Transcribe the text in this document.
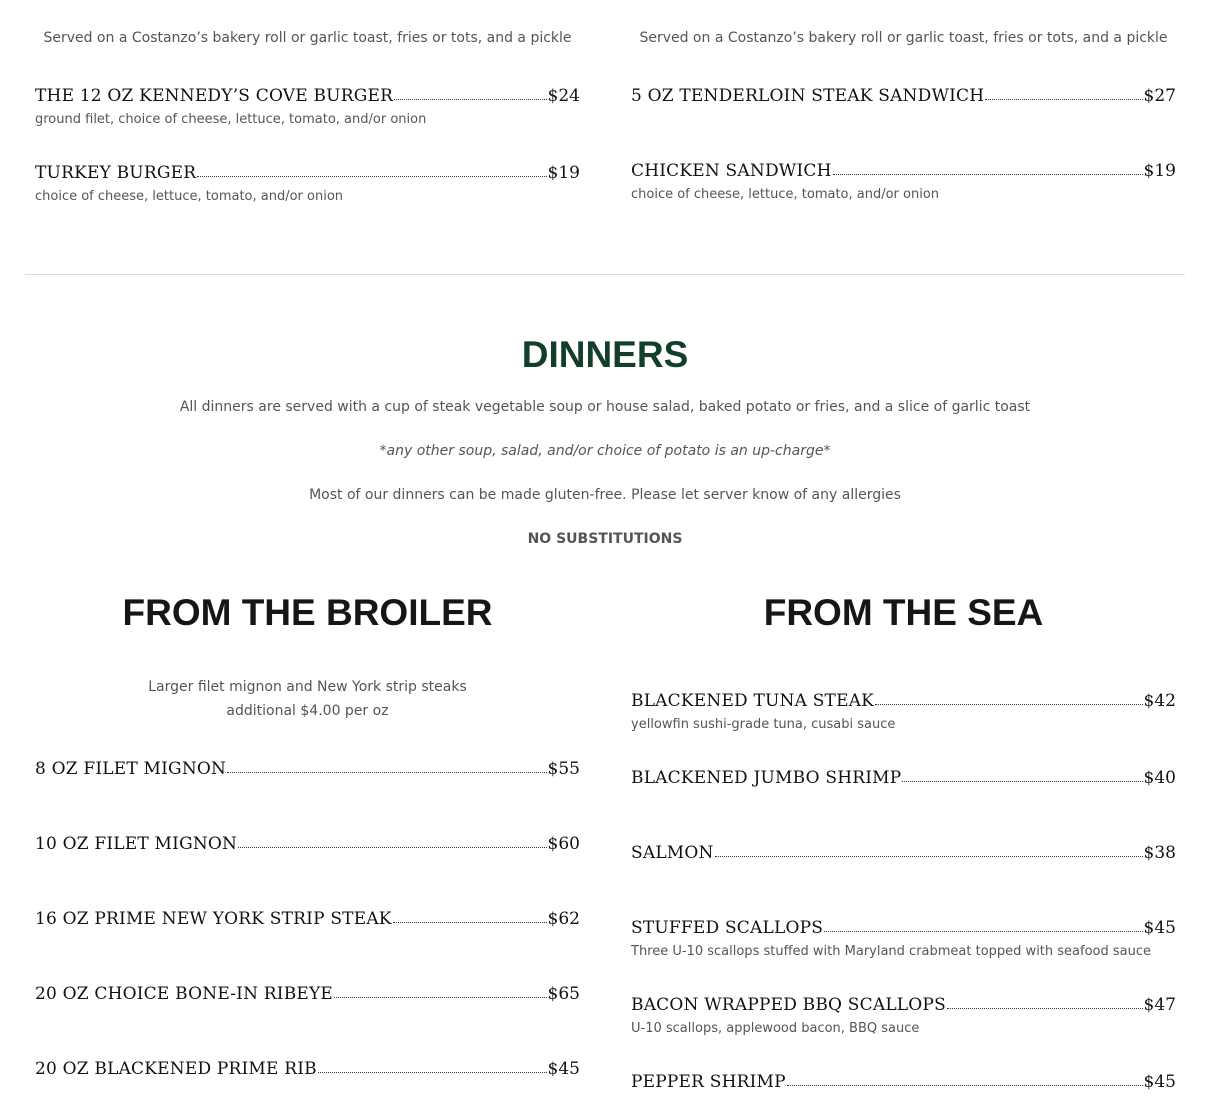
Served on a Costanzo’s bakery roll or garlic toast, fries or tots, and a pickle
THE 12 OZ KENNEDY’S COVE BURGER	$24
ground filet, choice of cheese, lettuce, tomato, and/or onion
TURKEY BURGER	$19
choice of cheese, lettuce, tomato, and/or onion
Served on a Costanzo’s bakery roll or garlic toast, fries or tots, and a pickle
5 OZ TENDERLOIN STEAK SANDWICH	$27
CHICKEN SANDWICH	$19
choice of cheese, lettuce, tomato, and/or onion
DINNERS
All dinners are served with a cup of steak vegetable soup or house salad, baked potato or fries, and a slice of garlic toast
*any other soup, salad, and/or choice of potato is an up-charge*
Most of our dinners can be made gluten-free. Please let server know of any allergies
NO SUBSTITUTIONS
FROM THE BROILER
Larger filet mignon and New York strip steaks
additional $4.00 per oz
8 OZ FILET MIGNON	$55
10 OZ FILET MIGNON	$60
16 OZ PRIME NEW YORK STRIP STEAK	$62
20 OZ CHOICE BONE-IN RIBEYE	$65
20 OZ BLACKENED PRIME RIB	$45
FROM THE SEA
BLACKENED TUNA STEAK	$42
yellowfin sushi-grade tuna, cusabi sauce
BLACKENED JUMBO SHRIMP	$40
SALMON	$38
STUFFED SCALLOPS	$45
Three U-10 scallops stuffed with Maryland crabmeat topped with seafood sauce
BACON WRAPPED BBQ SCALLOPS	$47
U-10 scallops, applewood bacon, BBQ sauce
PEPPER SHRIMP	$45
